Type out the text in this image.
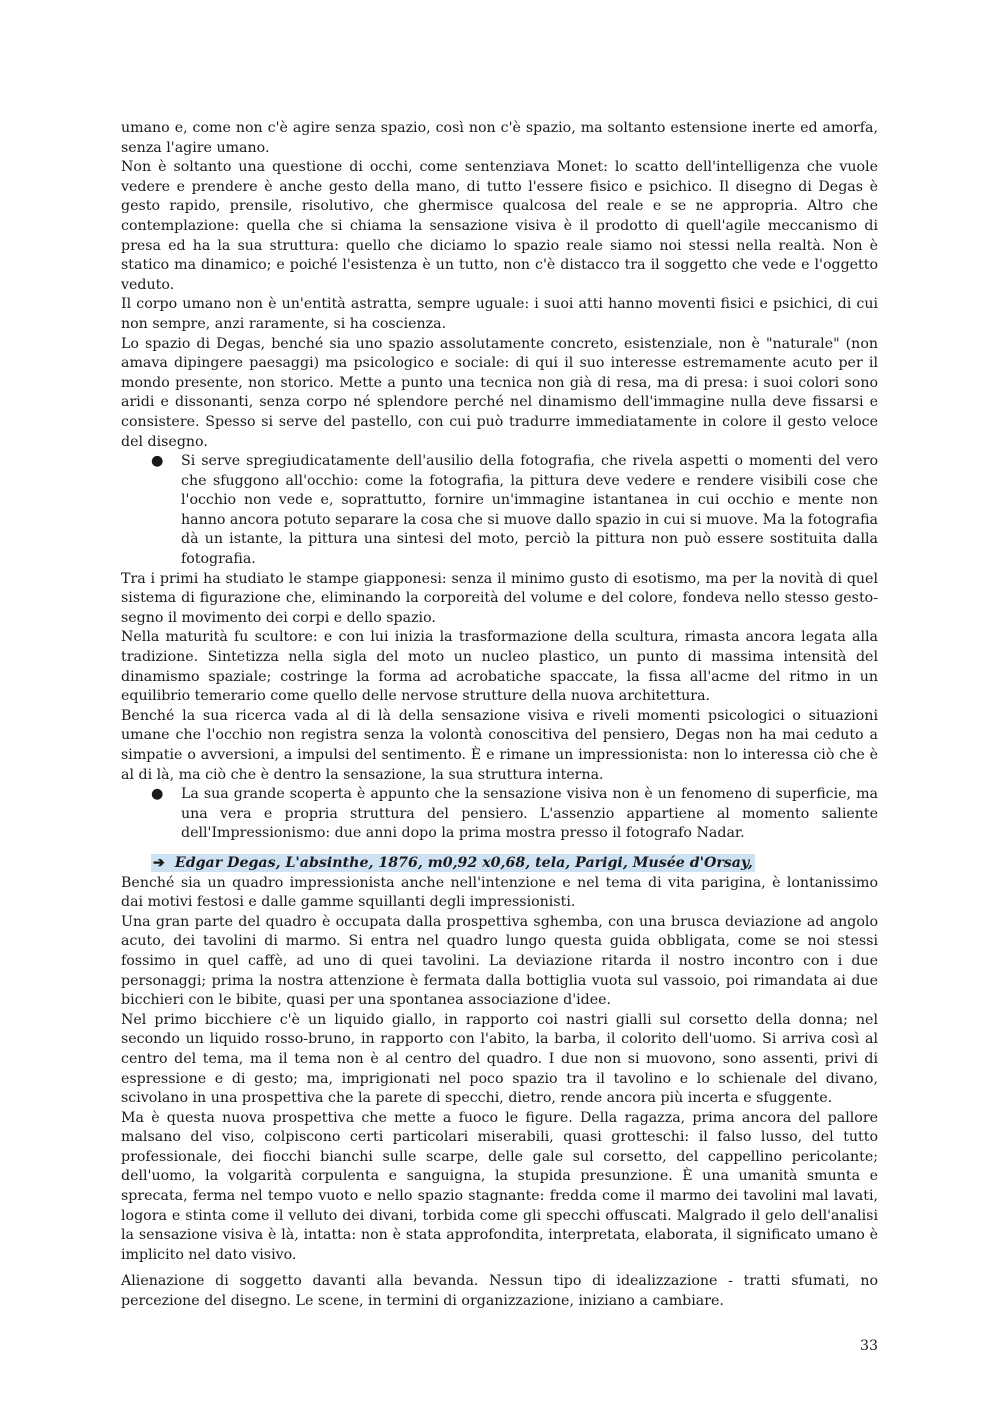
umano e, come non c'è agire senza spazio, così non c'è spazio, ma soltanto estensione inerte ed amorfa, senza l'agire umano.

Non è soltanto una questione di occhi, come sentenziava Monet: lo scatto dell'intelligenza che vuole vedere e prendere è anche gesto della mano, di tutto l'essere fisico e psichico. Il disegno di Degas è gesto rapido, prensile, risolutivo, che ghermisce qualcosa del reale e se ne appropria. Altro che contemplazione: quella che si chiama la sensazione visiva è il prodotto di quell'agile meccanismo di presa ed ha la sua struttura: quello che diciamo lo spazio reale siamo noi stessi nella realtà. Non è statico ma dinamico; e poiché l'esistenza è un tutto, non c'è distacco tra il soggetto che vede e l'oggetto veduto.

Il corpo umano non è un'entità astratta, sempre uguale: i suoi atti hanno moventi fisici e psichici, di cui non sempre, anzi raramente, si ha coscienza.

Lo spazio di Degas, benché sia uno spazio assolutamente concreto, esistenziale, non è "naturale" (non amava dipingere paesaggi) ma psicologico e sociale: di qui il suo interesse estremamente acuto per il mondo presente, non storico. Mette a punto una tecnica non già di resa, ma di presa: i suoi colori sono aridi e dissonanti, senza corpo né splendore perché nel dinamismo dell'immagine nulla deve fissarsi e consistere. Spesso si serve del pastello, con cui può tradurre immediatamente in colore il gesto veloce del disegno.

● Si serve spregiudicatamente dell'ausilio della fotografia, che rivela aspetti o momenti del vero che sfuggono all'occhio: come la fotografia, la pittura deve vedere e rendere visibili cose che l'occhio non vede e, soprattutto, fornire un'immagine istantanea in cui occhio e mente non hanno ancora potuto separare la cosa che si muove dallo spazio in cui si muove. Ma la fotografia dà un istante, la pittura una sintesi del moto, perciò la pittura non può essere sostituita dalla fotografia.

Tra i primi ha studiato le stampe giapponesi: senza il minimo gusto di esotismo, ma per la novità di quel sistema di figurazione che, eliminando la corporeità del volume e del colore, fondeva nello stesso gesto-segno il movimento dei corpi e dello spazio.

Nella maturità fu scultore: e con lui inizia la trasformazione della scultura, rimasta ancora legata alla tradizione. Sintetizza nella sigla del moto un nucleo plastico, un punto di massima intensità del dinamismo spaziale; costringe la forma ad acrobatiche spaccate, la fissa all'acme del ritmo in un equilibrio temerario come quello delle nervose strutture della nuova architettura.

Benché la sua ricerca vada al di là della sensazione visiva e riveli momenti psicologici o situazioni umane che l'occhio non registra senza la volontà conoscitiva del pensiero, Degas non ha mai ceduto a simpatie o avversioni, a impulsi del sentimento. È e rimane un impressionista: non lo interessa ciò che è al di là, ma ciò che è dentro la sensazione, la sua struttura interna.

● La sua grande scoperta è appunto che la sensazione visiva non è un fenomeno di superficie, ma una vera e propria struttura del pensiero. L'assenzio appartiene al momento saliente dell'Impressionismo: due anni dopo la prima mostra presso il fotografo Nadar.

➔ Edgar Degas, L'absinthe, 1876, m0,92 x0,68, tela, Parigi, Musée d'Orsay,

Benché sia un quadro impressionista anche nell'intenzione e nel tema di vita parigina, è lontanissimo dai motivi festosi e dalle gamme squillanti degli impressionisti.

Una gran parte del quadro è occupata dalla prospettiva sghemba, con una brusca deviazione ad angolo acuto, dei tavolini di marmo. Si entra nel quadro lungo questa guida obbligata, come se noi stessi fossimo in quel caffè, ad uno di quei tavolini. La deviazione ritarda il nostro incontro con i due personaggi; prima la nostra attenzione è fermata dalla bottiglia vuota sul vassoio, poi rimandata ai due bicchieri con le bibite, quasi per una spontanea associazione d'idee.

Nel primo bicchiere c'è un liquido giallo, in rapporto coi nastri gialli sul corsetto della donna; nel secondo un liquido rosso-bruno, in rapporto con l'abito, la barba, il colorito dell'uomo. Si arriva così al centro del tema, ma il tema non è al centro del quadro. I due non si muovono, sono assenti, privi di espressione e di gesto; ma, imprigionati nel poco spazio tra il tavolino e lo schienale del divano, scivolano in una prospettiva che la parete di specchi, dietro, rende ancora più incerta e sfuggente.

Ma è questa nuova prospettiva che mette a fuoco le figure. Della ragazza, prima ancora del pallore malsano del viso, colpiscono certi particolari miserabili, quasi grotteschi: il falso lusso, del tutto professionale, dei fiocchi bianchi sulle scarpe, delle gale sul corsetto, del cappellino pericolante; dell'uomo, la volgarità corpulenta e sanguigna, la stupida presunzione. È una umanità smunta e sprecata, ferma nel tempo vuoto e nello spazio stagnante: fredda come il marmo dei tavolini mal lavati, logora e stinta come il velluto dei divani, torbida come gli specchi offuscati. Malgrado il gelo dell'analisi la sensazione visiva è là, intatta: non è stata approfondita, interpretata, elaborata, il significato umano è implicito nel dato visivo.

Alienazione di soggetto davanti alla bevanda. Nessun tipo di idealizzazione - tratti sfumati, no percezione del disegno. Le scene, in termini di organizzazione, iniziano a cambiare.

33
